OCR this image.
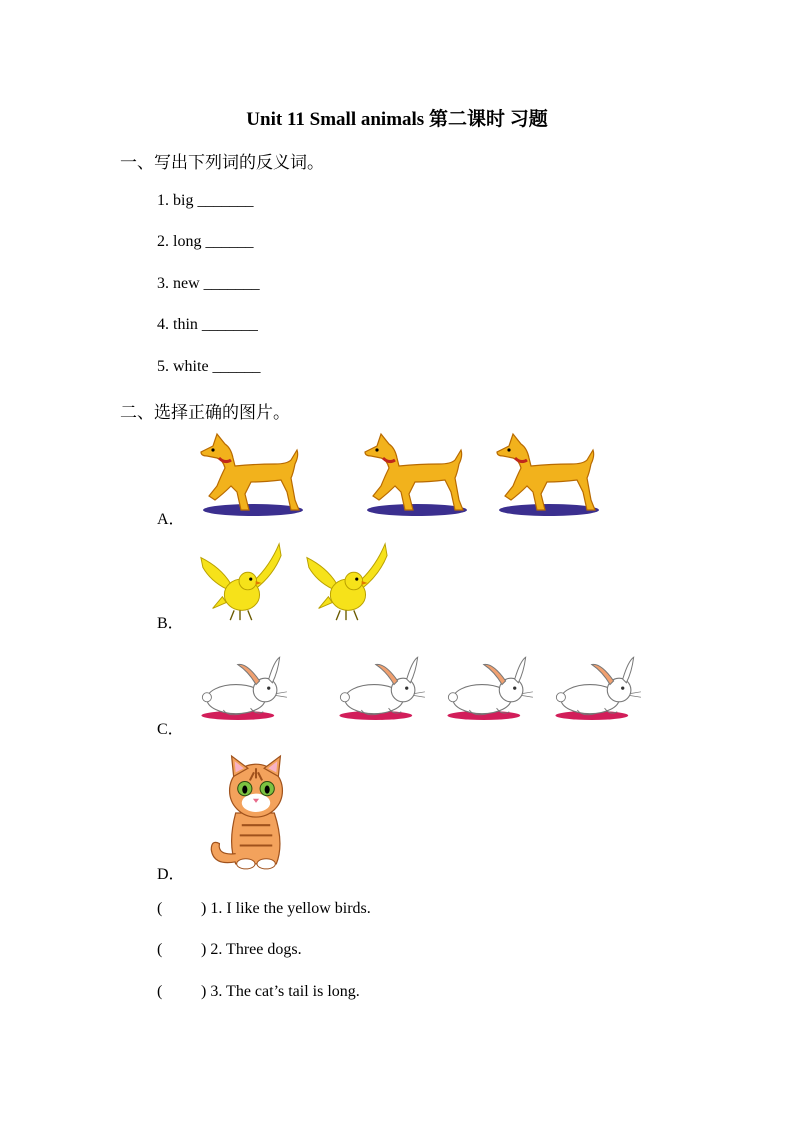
Unit 11 Small animals 第二课时 习题
一、写出下列词的反义词。
1. big _______
2. long ______
3. new _______
4. thin _______
5. white ______
二、选择正确的图片。
A．
B．
C．
D．
( ) 1. I like the yellow birds.
( ) 2. Three dogs.
( ) 3. The cat’s tail is long.
